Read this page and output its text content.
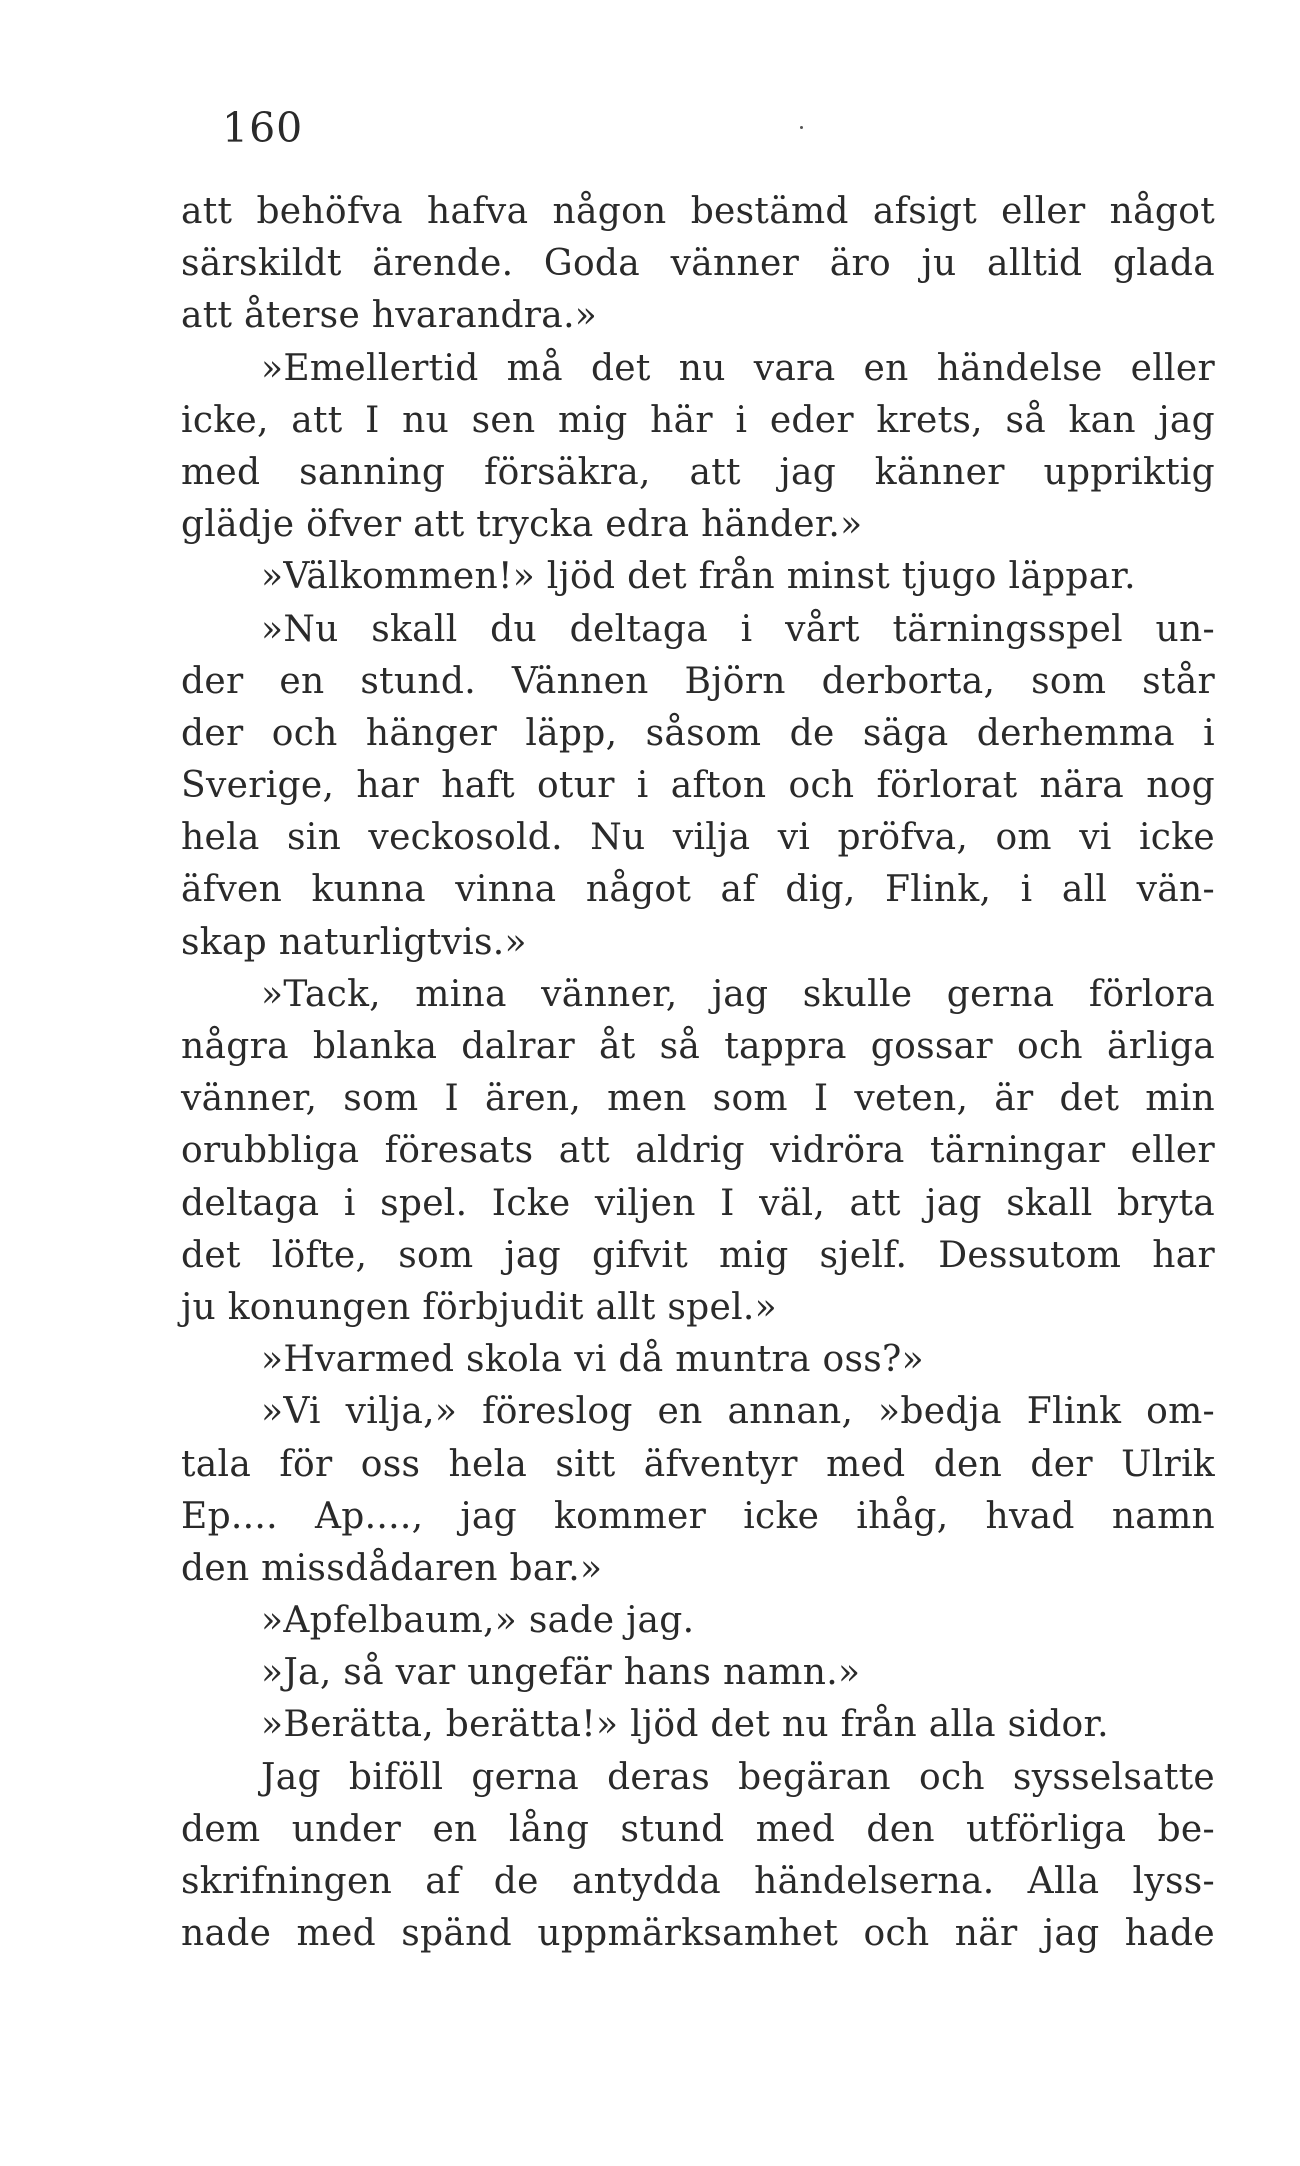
160
att behöfva hafva någon bestämd afsigt eller något
särskildt ärende. Goda vänner äro ju alltid glada
att återse hvarandra.»
»Emellertid må det nu vara en händelse eller
icke, att I nu sen mig här i eder krets, så kan jag
med sanning försäkra, att jag känner uppriktig
glädje öfver att trycka edra händer.»
»Välkommen!» ljöd det från minst tjugo läppar.
»Nu skall du deltaga i vårt tärningsspel un-
der en stund. Vännen Björn derborta, som står
der och hänger läpp, såsom de säga derhemma i
Sverige, har haft otur i afton och förlorat nära nog
hela sin veckosold. Nu vilja vi pröfva, om vi icke
äfven kunna vinna något af dig, Flink, i all vän-
skap naturligtvis.»
»Tack, mina vänner, jag skulle gerna förlora
några blanka dalrar åt så tappra gossar och ärliga
vänner, som I ären, men som I veten, är det min
orubbliga föresats att aldrig vidröra tärningar eller
deltaga i spel. Icke viljen I väl, att jag skall bryta
det löfte, som jag gifvit mig sjelf. Dessutom har
ju konungen förbjudit allt spel.»
»Hvarmed skola vi då muntra oss?»
»Vi vilja,» föreslog en annan, »bedja Flink om-
tala för oss hela sitt äfventyr med den der Ulrik
Ep.... Ap...., jag kommer icke ihåg, hvad namn
den missdådaren bar.»
»Apfelbaum,» sade jag.
»Ja, så var ungefär hans namn.»
»Berätta, berätta!» ljöd det nu från alla sidor.
Jag biföll gerna deras begäran och sysselsatte
dem under en lång stund med den utförliga be-
skrifningen af de antydda händelserna. Alla lyss-
nade med spänd uppmärksamhet och när jag hade
